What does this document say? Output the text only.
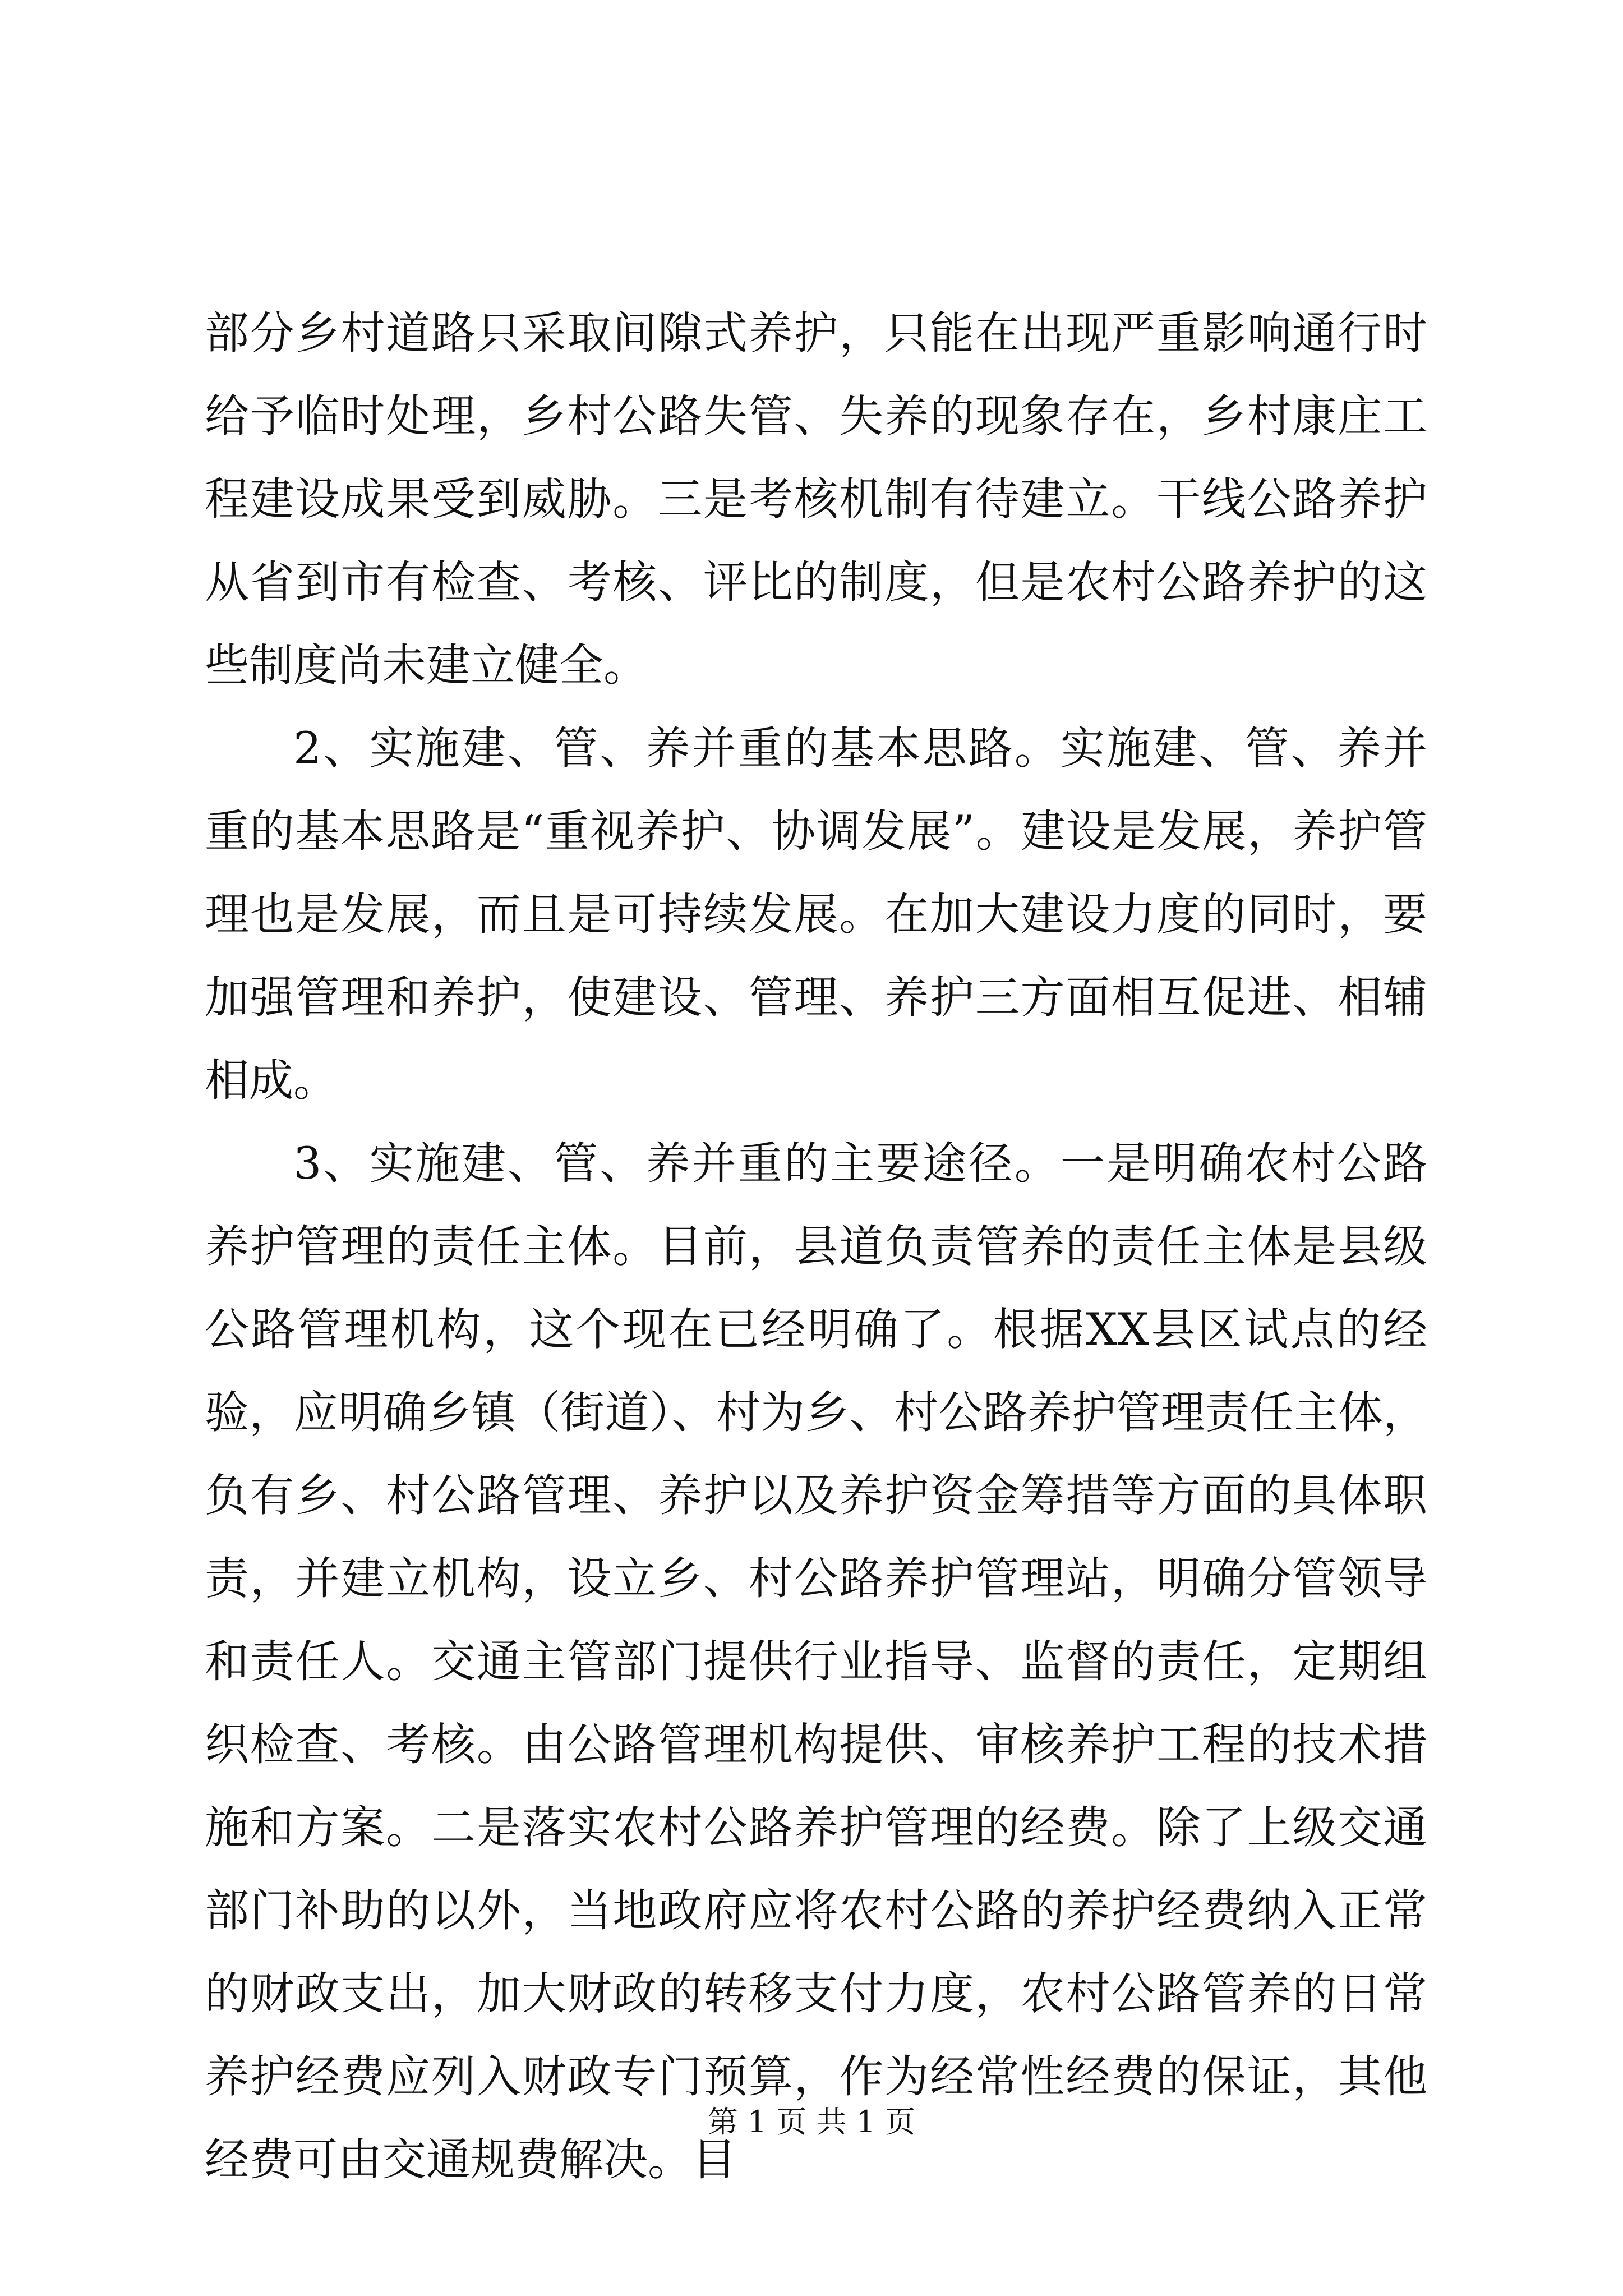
部分乡村道路只采取间隙式养护，只能在出现严重影响通行时给予临时处理，乡村公路失管、失养的现象存在，乡村康庄工程建设成果受到威胁。三是考核机制有待建立。干线公路养护从省到市有检查、考核、评比的制度，但是农村公路养护的这些制度尚未建立健全。

2、实施建、管、养并重的基本思路。实施建、管、养并重的基本思路是“重视养护、协调发展”。建设是发展，养护管理也是发展，而且是可持续发展。在加大建设力度的同时，要加强管理和养护，使建设、管理、养护三方面相互促进、相辅相成。

3、实施建、管、养并重的主要途径。一是明确农村公路养护管理的责任主体。目前，县道负责管养的责任主体是县级公路管理机构，这个现在已经明确了。根据XX县区试点的经验，应明确乡镇（街道）、村为乡、村公路养护管理责任主体，负有乡、村公路管理、养护以及养护资金筹措等方面的具体职责，并建立机构，设立乡、村公路养护管理站，明确分管领导和责任人。交通主管部门提供行业指导、监督的责任，定期组织检查、考核。由公路管理机构提供、审核养护工程的技术措施和方案。二是落实农村公路养护管理的经费。除了上级交通部门补助的以外，当地政府应将农村公路的养护经费纳入正常的财政支出，加大财政的转移支付力度，农村公路管养的日常养护经费应列入财政专门预算，作为经常性经费的保证，其他经费可由交通规费解决。目

第 1 页 共 1 页
